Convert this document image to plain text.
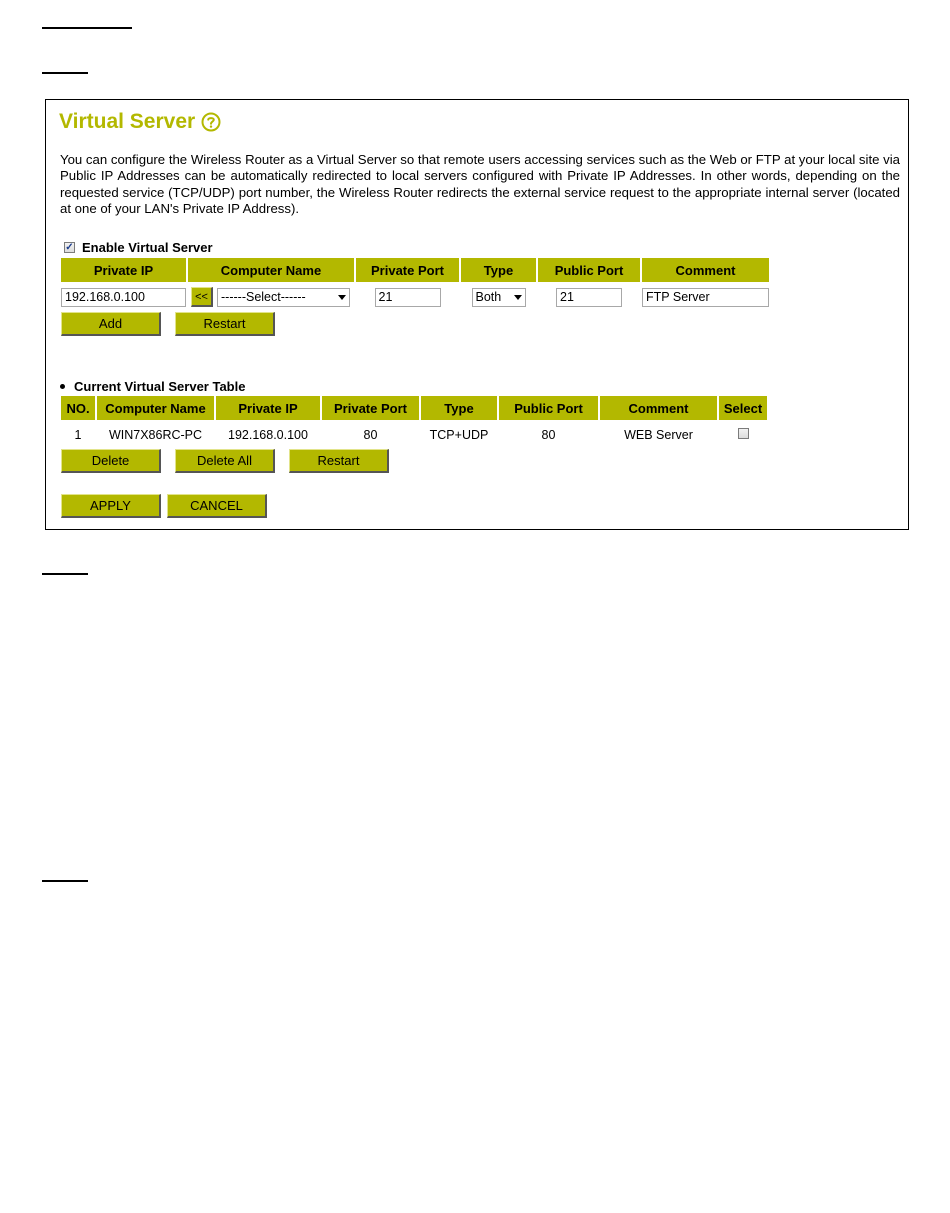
Virtual Server
You can configure the Wireless Router as a Virtual Server so that remote users accessing services such as the Web or FTP at your local site via Public IP Addresses can be automatically redirected to local servers configured with Private IP Addresses. In other words, depending on the requested service (TCP/UDP) port number, the Wireless Router redirects the external service request to the appropriate internal server (located at one of your LAN's Private IP Address).
✓ Enable Virtual Server
Private IP	Computer Name	Private Port	Type	Public Port	Comment

192.168.0.100	<< ------Select------	21	Both	21	FTP Server
Add	Restart
Current Virtual Server Table
NO.	Computer Name	Private IP	Private Port	Type	Public Port	Comment	Select
1	WIN7X86RC-PC	192.168.0.100	80	TCP+UDP	80	WEB Server	
Delete	Delete All	Restart
APPLY	CANCEL
